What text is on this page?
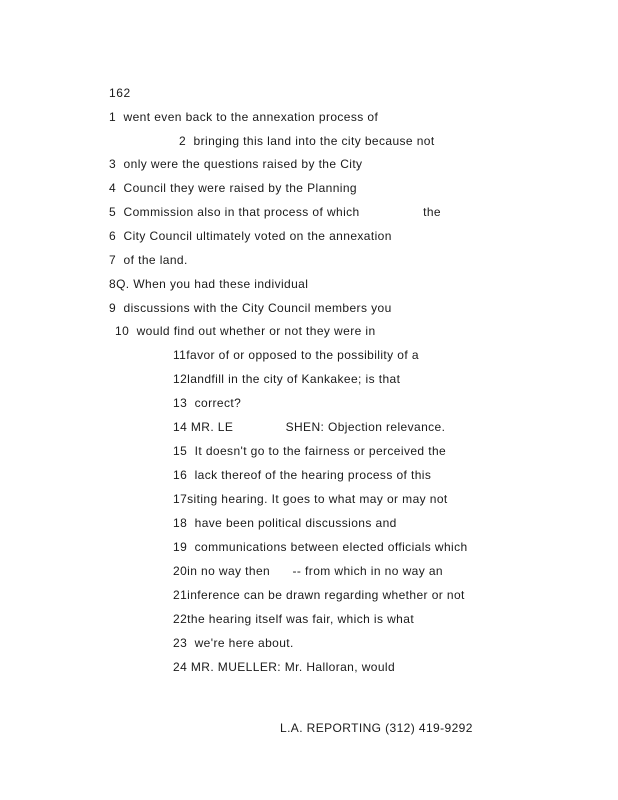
162
1  went even back to the annexation process of
2  bringing this land into the city because not
3  only were the questions raised by the City
4  Council they were raised by the Planning
5  Commission also in that process of which                 the
6  City Council ultimately voted on the annexation
7  of the land.
8Q. When you had these individual
9  discussions with the City Council members you
10  would find out whether or not they were in
11favor of or opposed to the possibility of a
12landfill in the city of Kankakee; is that
13  correct?
14 MR. LE              SHEN: Objection relevance.
15  It doesn't go to the fairness or perceived the
16  lack thereof of the hearing process of this
17siting hearing. It goes to what may or may not
18  have been political discussions and
19  communications between elected officials which
20in no way then      -- from which in no way an
21inference can be drawn regarding whether or not
22the hearing itself was fair, which is what
23  we're here about.
24 MR. MUELLER: Mr. Halloran, would
L.A. REPORTING (312) 419-9292
